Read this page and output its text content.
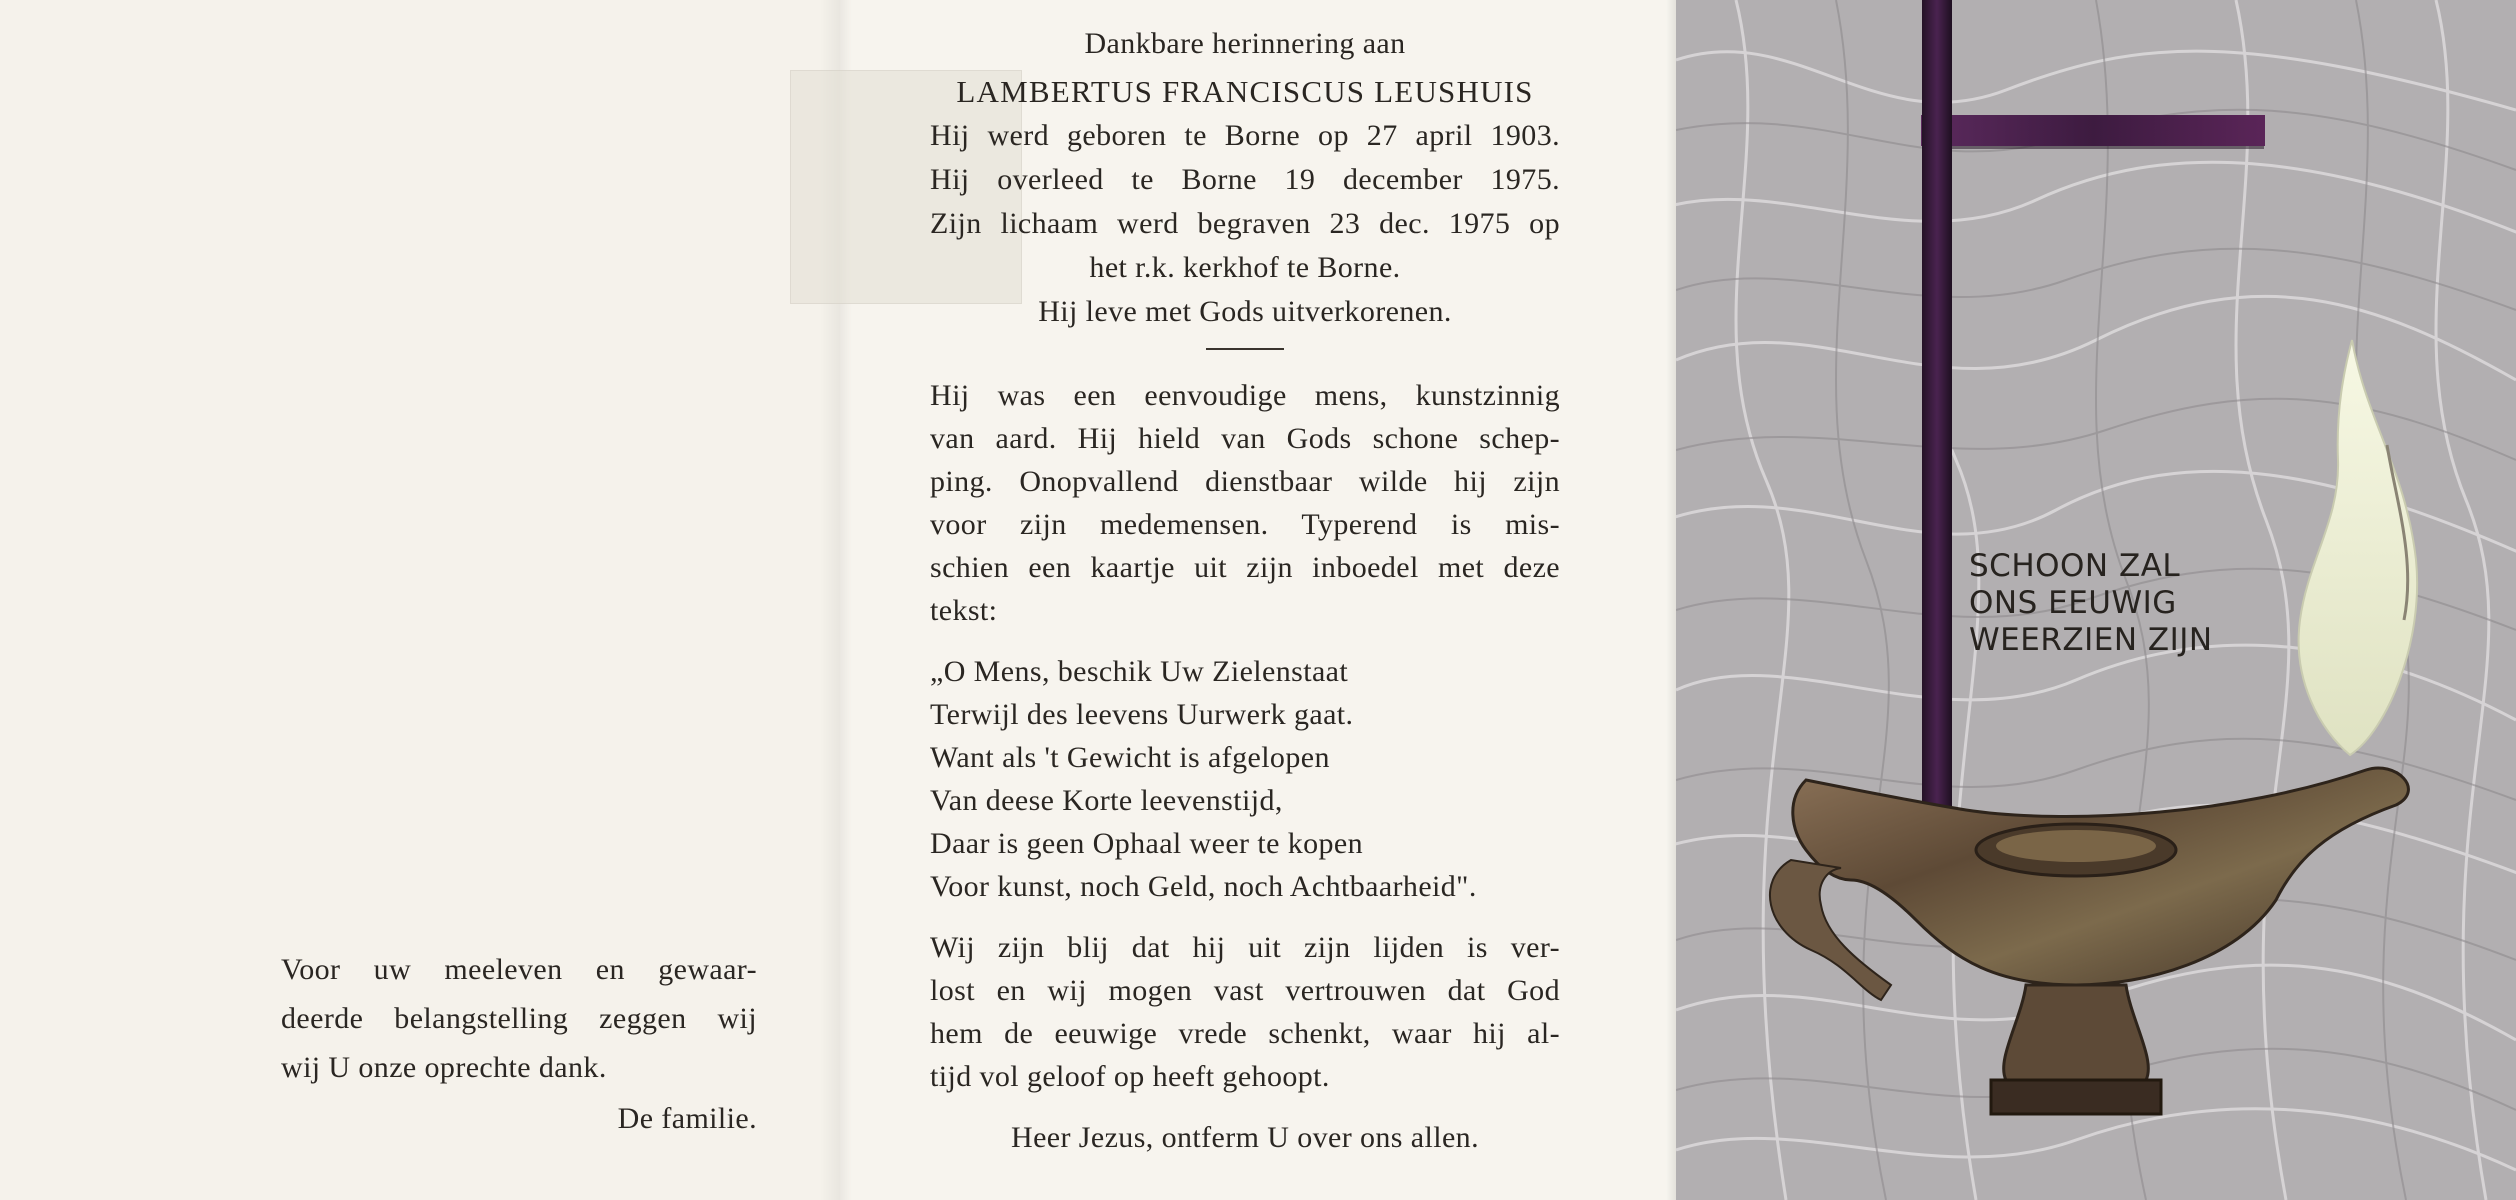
Voor uw meeleven en gewaar-
deerde belangstelling zeggen wij
wij U onze oprechte dank.
De familie.
Dankbare herinnering aan
LAMBERTUS FRANCISCUS LEUSHUIS
Hij werd geboren te Borne op 27 april 1903.
Hij overleed te Borne 19 december 1975.
Zijn lichaam werd begraven 23 dec. 1975 op
het r.k. kerkhof te Borne.
Hij leve met Gods uitverkorenen.
Hij was een eenvoudige mens, kunstzinnig
van aard. Hij hield van Gods schone schep-
ping. Onopvallend dienstbaar wilde hij zijn
voor zijn medemensen. Typerend is mis-
schien een kaartje uit zijn inboedel met deze
tekst:
„O Mens, beschik Uw Zielenstaat
Terwijl des leevens Uurwerk gaat.
Want als 't Gewicht is afgelopen
Van deese Korte leevenstijd,
Daar is geen Ophaal weer te kopen
Voor kunst, noch Geld, noch Achtbaarheid".
Wij zijn blij dat hij uit zijn lijden is ver-
lost en wij mogen vast vertrouwen dat God
hem de eeuwige vrede schenkt, waar hij al-
tijd vol geloof op heeft gehoopt.
Heer Jezus, ontferm U over ons allen.
SCHOON ZAL
ONS EEUWIG
WEERZIEN ZIJN
